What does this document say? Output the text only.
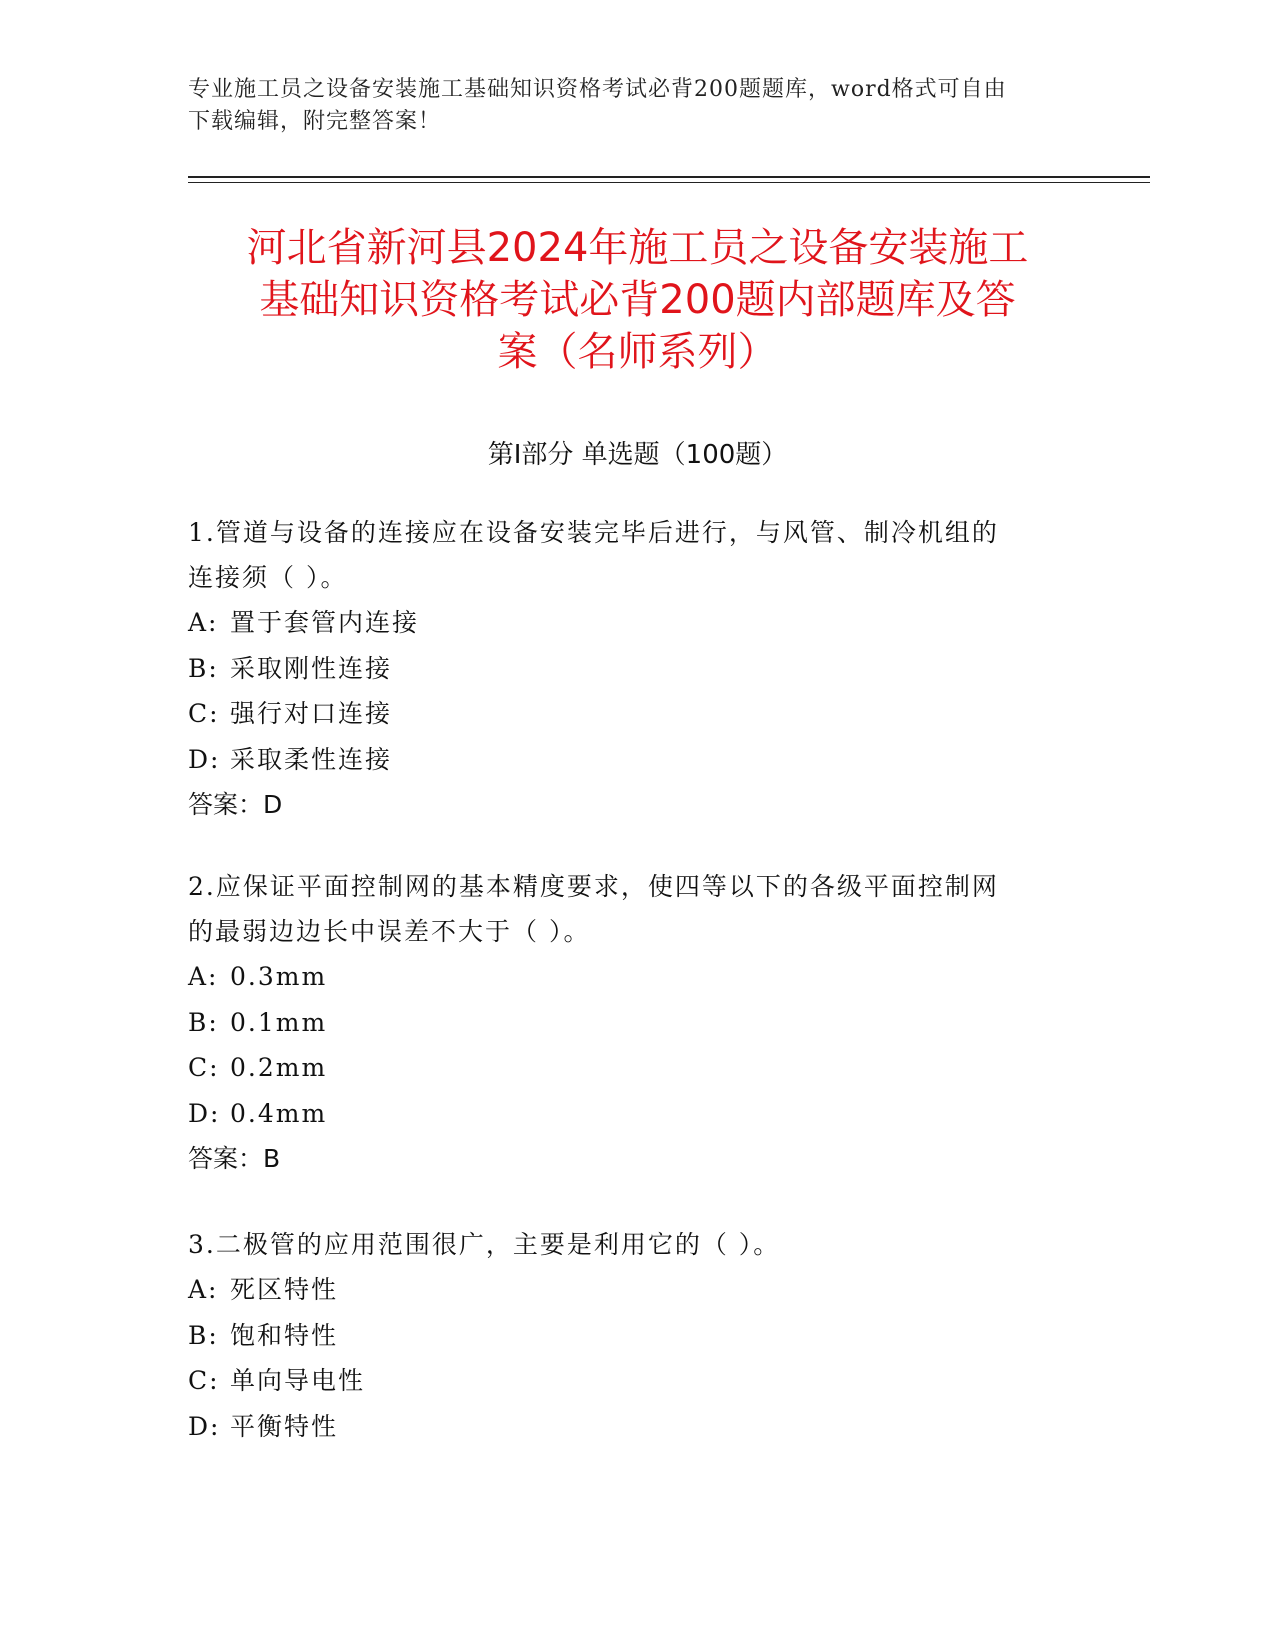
专业施工员之设备安装施工基础知识资格考试必背200题题库，word格式可自由
下载编辑，附完整答案！
河北省新河县2024年施工员之设备安装施工
基础知识资格考试必背200题内部题库及答
案（名师系列）
第I部分 单选题（100题）
1.管道与设备的连接应在设备安装完毕后进行，与风管、制冷机组的
连接须（ ）。
A: 置于套管内连接
B: 采取刚性连接
C: 强行对口连接
D: 采取柔性连接
答案：D
2.应保证平面控制网的基本精度要求，使四等以下的各级平面控制网
的最弱边边长中误差不大于（ ）。
A: 0.3mm
B: 0.1mm
C: 0.2mm
D: 0.4mm
答案：B
3.二极管的应用范围很广，主要是利用它的（ ）。
A: 死区特性
B: 饱和特性
C: 单向导电性
D: 平衡特性
